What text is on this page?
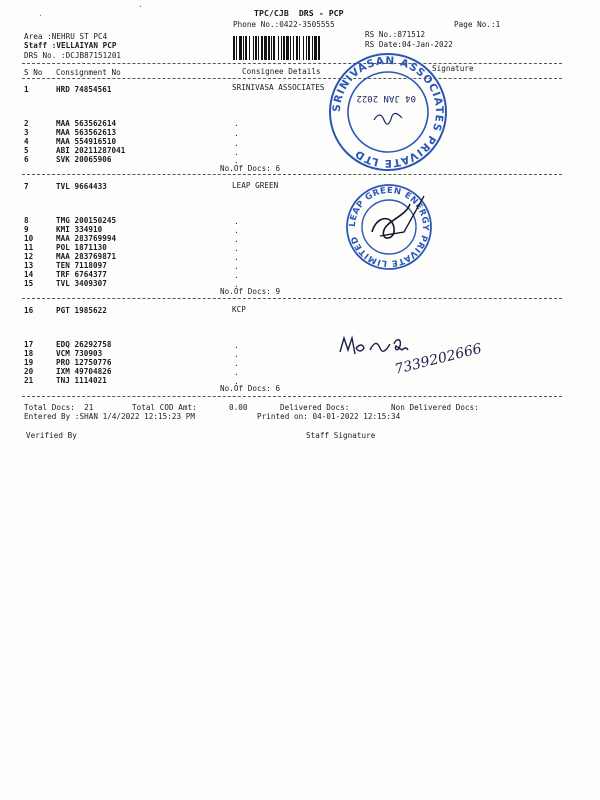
TPC/CJB  DRS - PCP
Phone No.:0422-3505555	Page No.:1
Area :NEHRU ST PC4
Staff :VELLAIYAN PCP
DRS No. :DCJB87151201
RS No.:871512
RS Date:04-Jan-2022
S No Consignment No	Consignee Details	Signature
1	HRD 74854561	SRINIVASA ASSOCIATES
2	MAA 563562614
3	MAA 563562613
4	MAA 554916510
5	ABI 20211287041
6	SVK 20065906
.
.
.
.
.
No.Of Docs: 6
7	TVL 9664433	LEAP GREEN
8	TMG 200150245
9	KMI 334910
10	MAA 283769994
11	POL 1871130
12	MAA 283769871
13	TEN 7118097
14	TRF 6764377
15	TVL 3409307
.
.
.
.
.
.
.
.
No.Of Docs: 9
16	PGT 1985622	KCP
17	EDQ 26292758
18	VCM 730903
19	PRO 12750776
20	IXM 49704826
21	TNJ 1114021
.
.
.
.
.
No.Of Docs: 6
Total Docs:  21	Total COD Amt:	0.00	Delivered Docs:	Non Delivered Docs:
Entered By :SHAN 1/4/2022 12:15:23 PM	Printed on: 04-01-2022 12:15:34
Verified By	Staff Signature
SRINIVASAN ASSOCIATES PRIVATE LTD
04 JAN 2022
LEAP GREEN ENERGY PRIVATE LIMITED
7339202666
·
·
